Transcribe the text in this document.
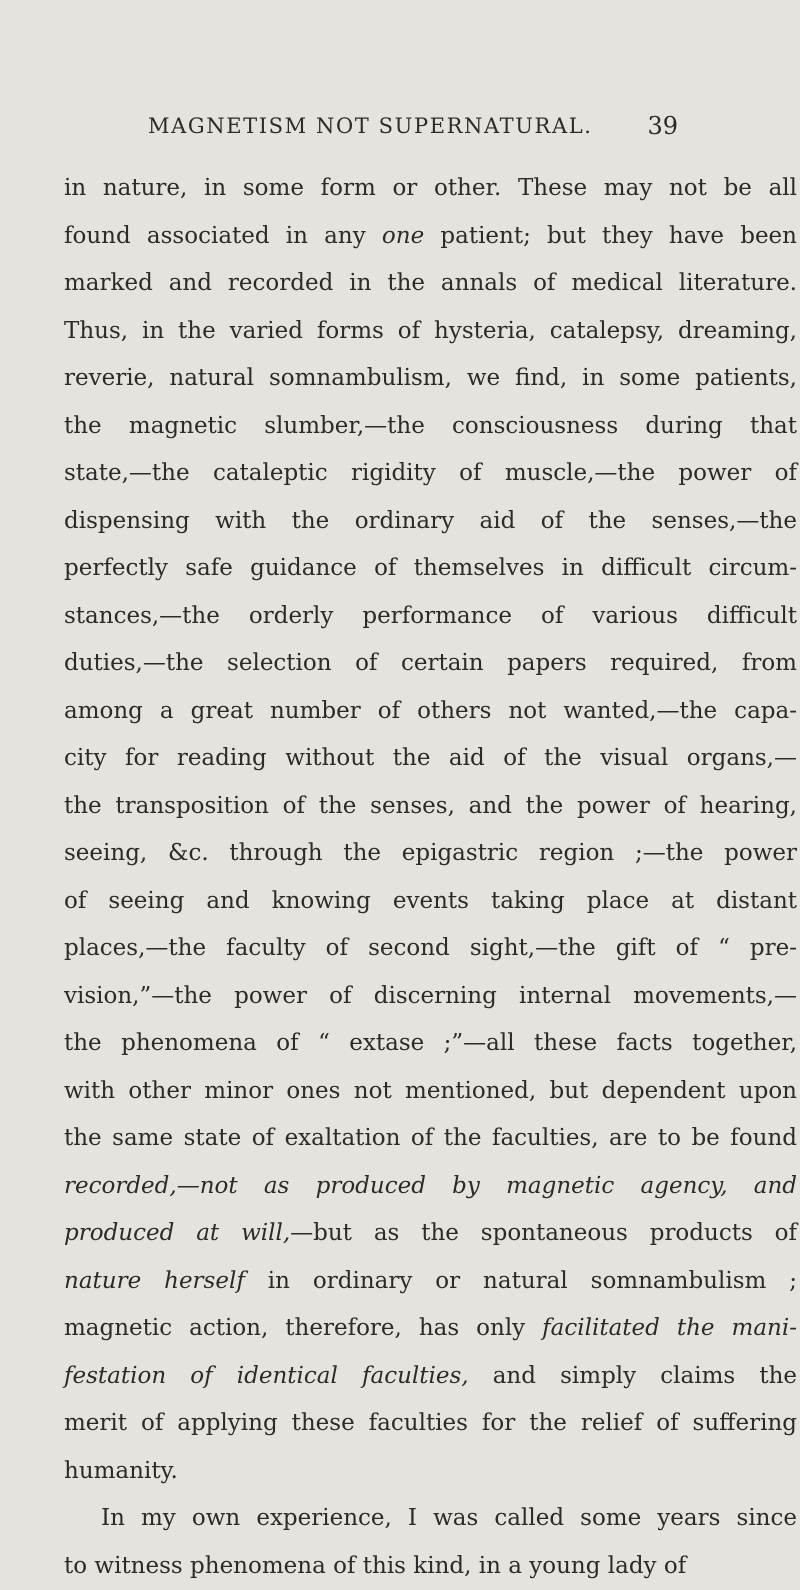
MAGNETISM NOT SUPERNATURAL. 39
in nature, in some form or other. These may not be all
found associated in any one patient; but they have been
marked and recorded in the annals of medical literature.
Thus, in the varied forms of hysteria, catalepsy, dreaming,
reverie, natural somnambulism, we find, in some patients,
the magnetic slumber,—the consciousness during that
state,—the cataleptic rigidity of muscle,—the power of
dispensing with the ordinary aid of the senses,—the
perfectly safe guidance of themselves in difficult circum-
stances,—the orderly performance of various difficult
duties,—the selection of certain papers required, from
among a great number of others not wanted,—the capa-
city for reading without the aid of the visual organs,—
the transposition of the senses, and the power of hearing,
seeing, &c. through the epigastric region ;—the power
of seeing and knowing events taking place at distant
places,—the faculty of second sight,—the gift of “ pre-
vision,”—the power of discerning internal movements,—
the phenomena of “ extase ;”—all these facts together,
with other minor ones not mentioned, but dependent upon
the same state of exaltation of the faculties, are to be found
recorded,—not as produced by magnetic agency, and
produced at will,—but as the spontaneous products of
nature herself in ordinary or natural somnambulism ;
magnetic action, therefore, has only facilitated the mani-
festation of identical faculties, and simply claims the
merit of applying these faculties for the relief of suffering
humanity.
In my own experience, I was called some years since
to witness phenomena of this kind, in a young lady of
